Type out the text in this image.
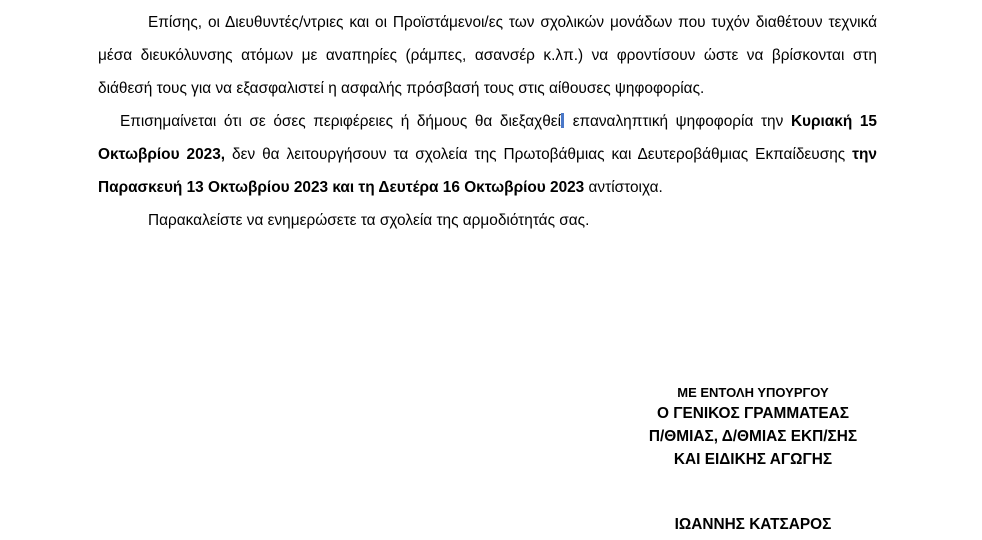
Επίσης, οι Διευθυντές/ντριες και οι Προϊστάμενοι/ες των σχολικών μονάδων που τυχόν διαθέτουν τεχνικά μέσα διευκόλυνσης ατόμων με αναπηρίες (ράμπες, ασανσέρ κ.λπ.) να φροντίσουν ώστε να βρίσκονται στη διάθεσή τους για να εξασφαλιστεί η ασφαλής πρόσβασή τους στις αίθουσες ψηφοφορίας.

Επισημαίνεται ότι σε όσες περιφέρειες ή δήμους θα διεξαχθεί επαναληπτική ψηφοφορία την Κυριακή 15 Οκτωβρίου 2023, δεν θα λειτουργήσουν τα σχολεία της Πρωτοβάθμιας και Δευτεροβάθμιας Εκπαίδευσης την Παρασκευή 13 Οκτωβρίου 2023 και τη Δευτέρα 16 Οκτωβρίου 2023 αντίστοιχα.

Παρακαλείστε να ενημερώσετε τα σχολεία της αρμοδιότητάς σας.

ΜΕ ΕΝΤΟΛΗ ΥΠΟΥΡΓΟΥ

Ο ΓΕΝΙΚΟΣ ΓΡΑΜΜΑΤΕΑΣ

Π/ΘΜΙΑΣ, Δ/ΘΜΙΑΣ ΕΚΠ/ΣΗΣ

ΚΑΙ ΕΙΔΙΚΗΣ ΑΓΩΓΗΣ

ΙΩΑΝΝΗΣ ΚΑΤΣΑΡΟΣ
